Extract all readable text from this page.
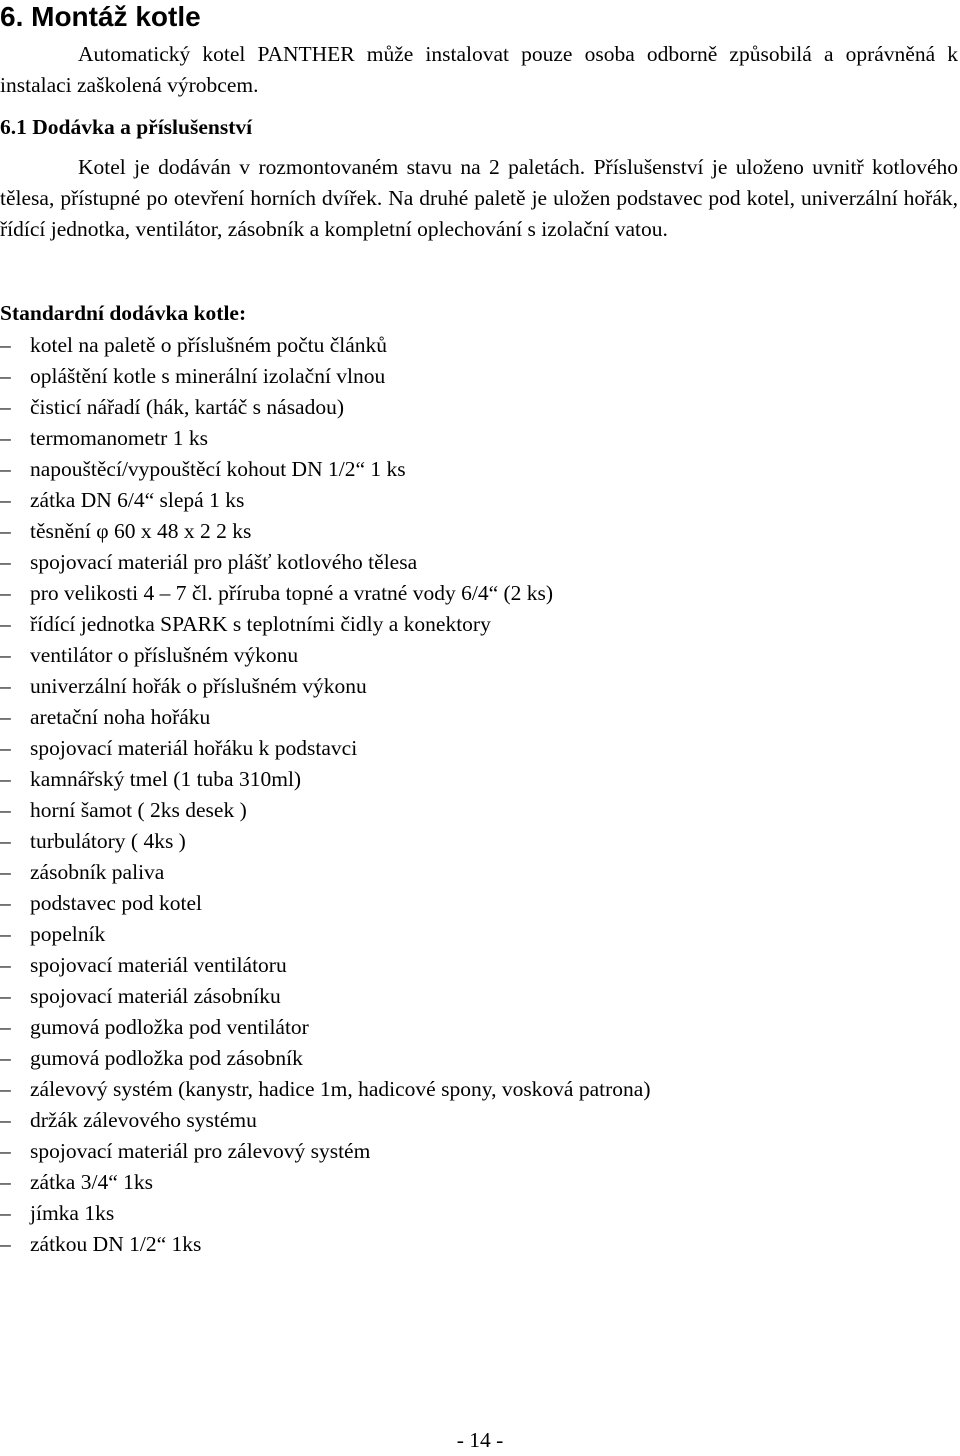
6. Montáž kotle

Automatický kotel PANTHER může instalovat pouze osoba odborně způsobilá a oprávněná k instalaci zaškolená výrobcem.

6.1 Dodávka a příslušenství

Kotel je dodáván v rozmontovaném stavu na 2 paletách. Příslušenství je uloženo uvnitř kotlového tělesa, přístupné po otevření horních dvířek. Na druhé paletě je uložen podstavec pod kotel, univerzální hořák, řídící jednotka, ventilátor, zásobník a kompletní oplechování s izolační vatou.

Standardní dodávka kotle:
– kotel na paletě o příslušném počtu článků
– opláštění kotle s minerální izolační vlnou
– čisticí nářadí (hák, kartáč s násadou)
– termomanometr 1 ks
– napouštěcí/vypouštěcí kohout DN 1/2“ 1 ks
– zátka DN 6/4“ slepá 1 ks
– těsnění φ 60 x 48 x 2 2 ks
– spojovací materiál pro plášť kotlového tělesa
– pro velikosti 4 – 7 čl. příruba topné a vratné vody 6/4“ (2 ks)
– řídící jednotka SPARK s teplotními čidly a konektory
– ventilátor o příslušném výkonu
– univerzální hořák o příslušném výkonu
– aretační noha hořáku
– spojovací materiál hořáku k podstavci
– kamnářský tmel (1 tuba 310ml)
– horní šamot ( 2ks desek )
– turbulátory ( 4ks )
– zásobník paliva
– podstavec pod kotel
– popelník
– spojovací materiál ventilátoru
– spojovací materiál zásobníku
– gumová podložka pod ventilátor
– gumová podložka pod zásobník
– zálevový systém (kanystr, hadice 1m, hadicové spony, vosková patrona)
– držák zálevového systému
– spojovací materiál pro zálevový systém
– zátka 3/4“ 1ks
– jímka 1ks
– zátkou DN 1/2“ 1ks
- 14 -
